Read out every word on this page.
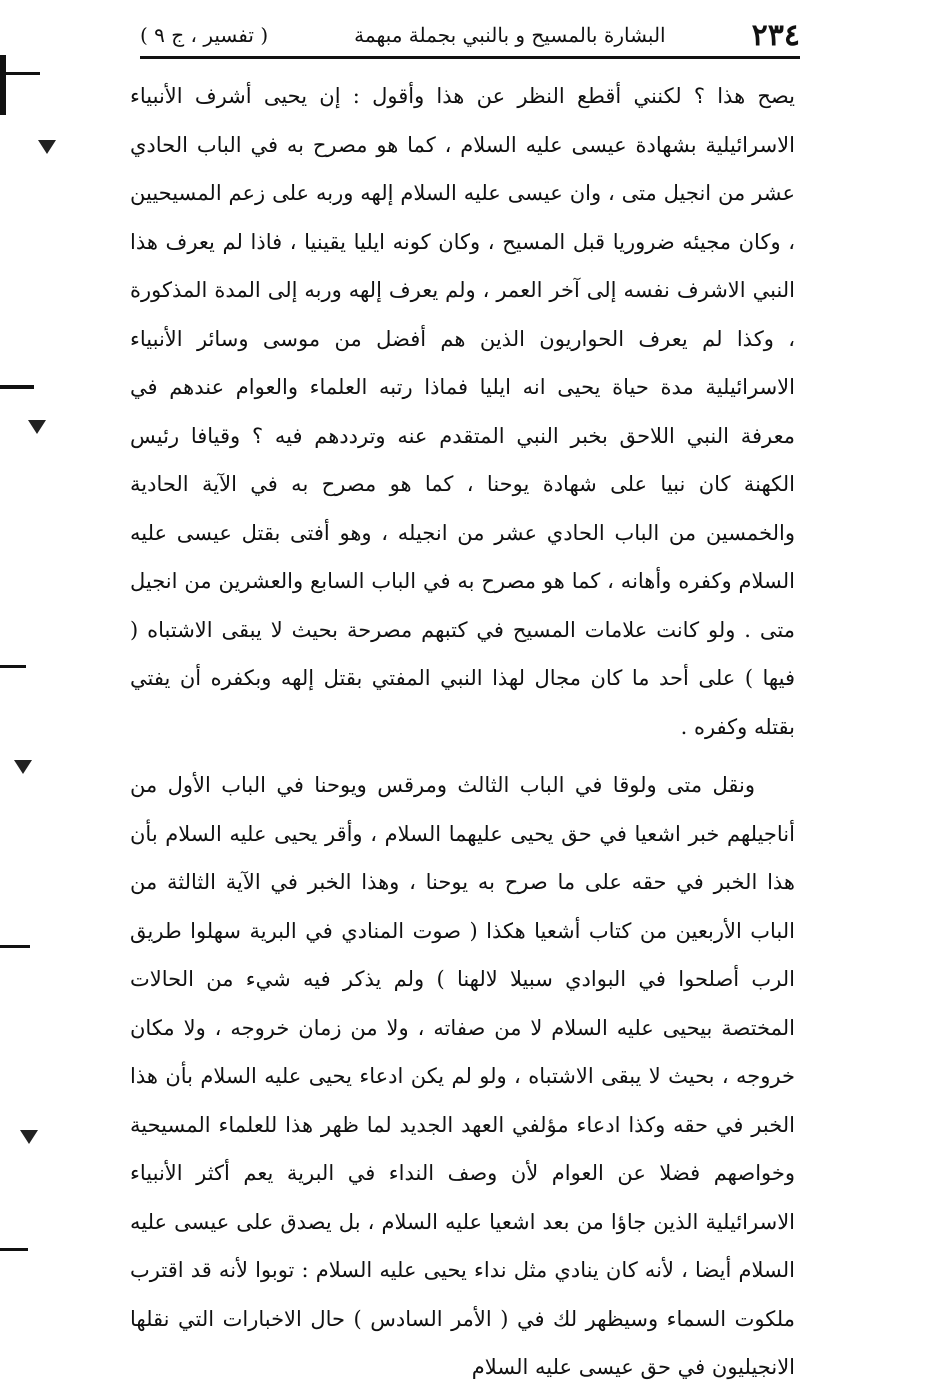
٢٣٤
البشارة بالمسيح و بالنبي بجملة مبهمة
( تفسير ، ج ٩ )

يصح هذا ؟ لكنني أقطع النظر عن هذا وأقول : إن يحيى أشرف الأنبياء الاسرائيلية بشهادة عيسى عليه السلام ، كما هو مصرح به في الباب الحادي عشر من انجيل متى ، وان عيسى عليه السلام إلهه وربه على زعم المسيحيين ، وكان مجيئه ضروريا قبل المسيح ، وكان كونه ايليا يقينيا ، فاذا لم يعرف هذا النبي الاشرف نفسه إلى آخر العمر ، ولم يعرف إلهه وربه إلى المدة المذكورة ، وكذا لم يعرف الحواريون الذين هم أفضل من موسى وسائر الأنبياء الاسرائيلية مدة حياة يحيى انه ايليا فماذا رتبه العلماء والعوام عندهم في معرفة النبي اللاحق بخبر النبي المتقدم عنه وترددهم فيه ؟ وقيافا رئيس الكهنة كان نبيا على شهادة يوحنا ، كما هو مصرح به في الآية الحادية والخمسين من الباب الحادي عشر من انجيله ، وهو أفتى بقتل عيسى عليه السلام وكفره وأهانه ، كما هو مصرح به في الباب السابع والعشرين من انجيل متى . ولو كانت علامات المسيح في كتبهم مصرحة بحيث لا يبقى الاشتباه ( فيها ) على أحد ما كان مجال لهذا النبي المفتي بقتل إلهه وبكفره أن يفتي بقتله وكفره .

ونقل متى ولوقا في الباب الثالث ومرقس ويوحنا في الباب الأول من أناجيلهم خبر اشعيا في حق يحيى عليهما السلام ، وأقر يحيى عليه السلام بأن هذا الخبر في حقه على ما صرح به يوحنا ، وهذا الخبر في الآية الثالثة من الباب الأربعين من كتاب أشعيا هكذا ( صوت المنادي في البرية سهلوا طريق الرب أصلحوا في البوادي سبيلا لالهنا ) ولم يذكر فيه شيء من الحالات المختصة بيحيى عليه السلام لا من صفاته ، ولا من زمان خروجه ، ولا مكان خروجه ، بحيث لا يبقى الاشتباه ، ولو لم يكن ادعاء يحيى عليه السلام بأن هذا الخبر في حقه وكذا ادعاء مؤلفي العهد الجديد لما ظهر هذا للعلماء المسيحية وخواصهم فضلا عن العوام لأن وصف النداء في البرية يعم أكثر الأنبياء الاسرائيلية الذين جاؤا من بعد اشعيا عليه السلام ، بل يصدق على عيسى عليه السلام أيضا ، لأنه كان ينادي مثل نداء يحيى عليه السلام : توبوا لأنه قد اقترب ملكوت السماء وسيظهر لك في ( الأمر السادس ) حال الاخبارات التي نقلها الانجيليون في حق عيسى عليه السلام
